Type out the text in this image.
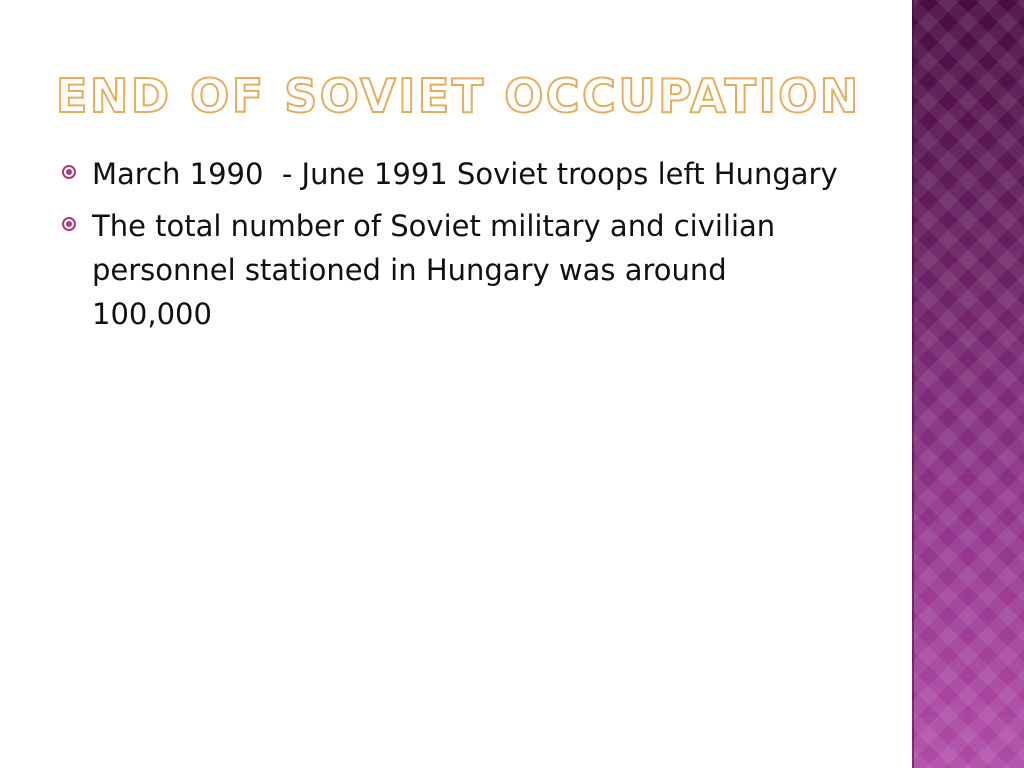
END OF SOVIET OCCUPATION
March 1990  - June 1991 Soviet troops left Hungary
The total number of Soviet military and civilian personnel stationed in Hungary was around 100,000
